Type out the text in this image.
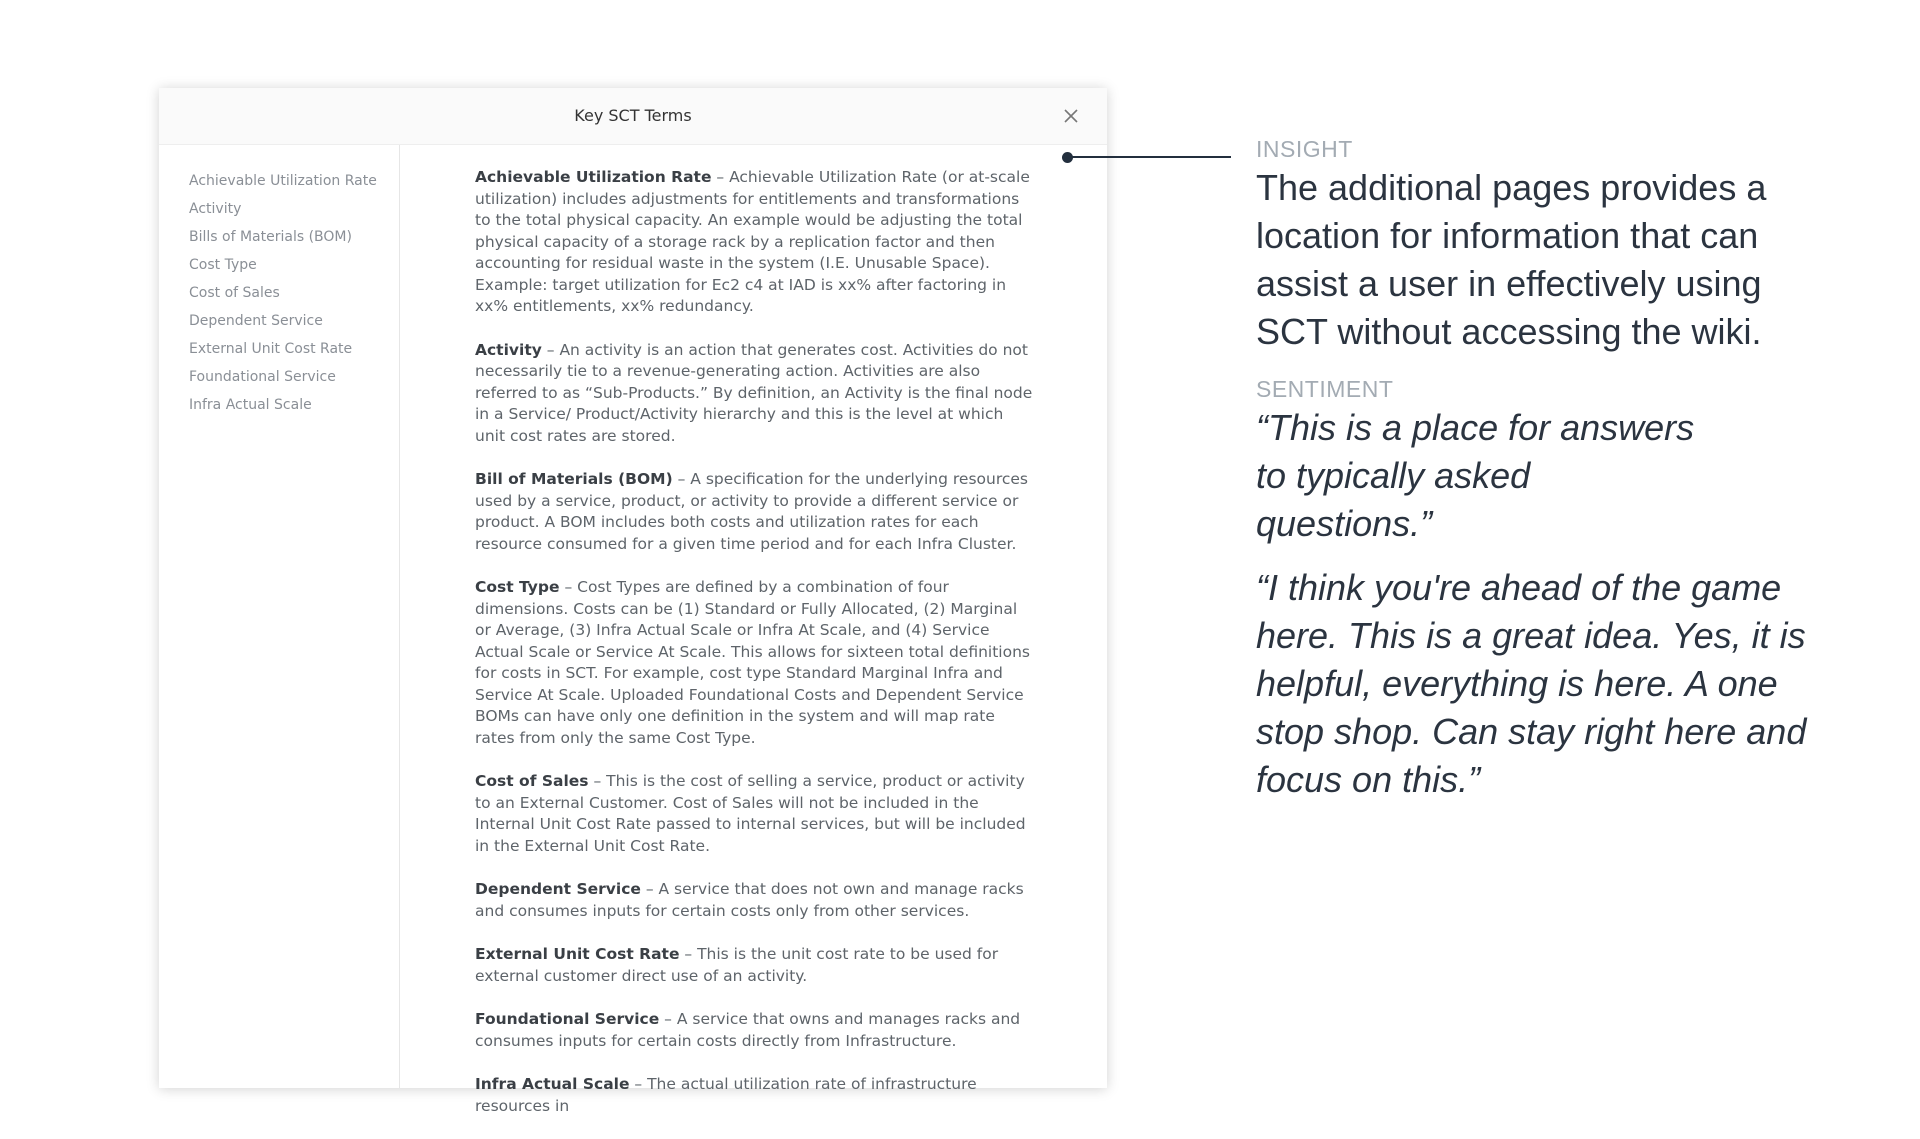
Key SCT Terms
Achievable Utilization Rate
Activity
Bills of Materials (BOM)
Cost Type
Cost of Sales
Dependent Service
External Unit Cost Rate
Foundational Service
Infra Actual Scale

Achievable Utilization Rate – Achievable Utilization Rate (or at-scale utilization) includes adjustments for entitlements and transformations to the total physical capacity. An example would be adjusting the total physical capacity of a storage rack by a replication factor and then accounting for residual waste in the system (I.E. Unusable Space). Example: target utilization for Ec2 c4 at IAD is xx% after factoring in xx% entitlements, xx% redundancy.

Activity – An activity is an action that generates cost. Activities do not necessarily tie to a revenue-generating action. Activities are also referred to as “Sub-Products.” By definition, an Activity is the final node in a Service/ Product/Activity hierarchy and this is the level at which unit cost rates are stored.

Bill of Materials (BOM) – A specification for the underlying resources used by a service, product, or activity to provide a different service or product. A BOM includes both costs and utilization rates for each resource consumed for a given time period and for each Infra Cluster.

Cost Type – Cost Types are defined by a combination of four dimensions. Costs can be (1) Standard or Fully Allocated, (2) Marginal or Average, (3) Infra Actual Scale or Infra At Scale, and (4) Service Actual Scale or Service At Scale. This allows for sixteen total definitions for costs in SCT. For example, cost type Standard Marginal Infra and Service At Scale. Uploaded Foundational Costs and Dependent Service BOMs can have only one definition in the system and will map rate rates from only the same Cost Type.

Cost of Sales – This is the cost of selling a service, product or activity to an External Customer. Cost of Sales will not be included in the Internal Unit Cost Rate passed to internal services, but will be included in the External Unit Cost Rate.

Dependent Service – A service that does not own and manage racks and consumes inputs for certain costs only from other services.

External Unit Cost Rate – This is the unit cost rate to be used for external customer direct use of an activity.

Foundational Service – A service that owns and manages racks and consumes inputs for certain costs directly from Infrastructure.

Infra Actual Scale – The actual utilization rate of infrastructure resources in

INSIGHT

The additional pages provides a location for information that can assist a user in effectively using SCT without accessing the wiki.

SENTIMENT

“This is a place for answers to typically asked questions.”

“I think you're ahead of the game here. This is a great idea. Yes, it is helpful, everything is here. A one stop shop. Can stay right here and focus on this.”
